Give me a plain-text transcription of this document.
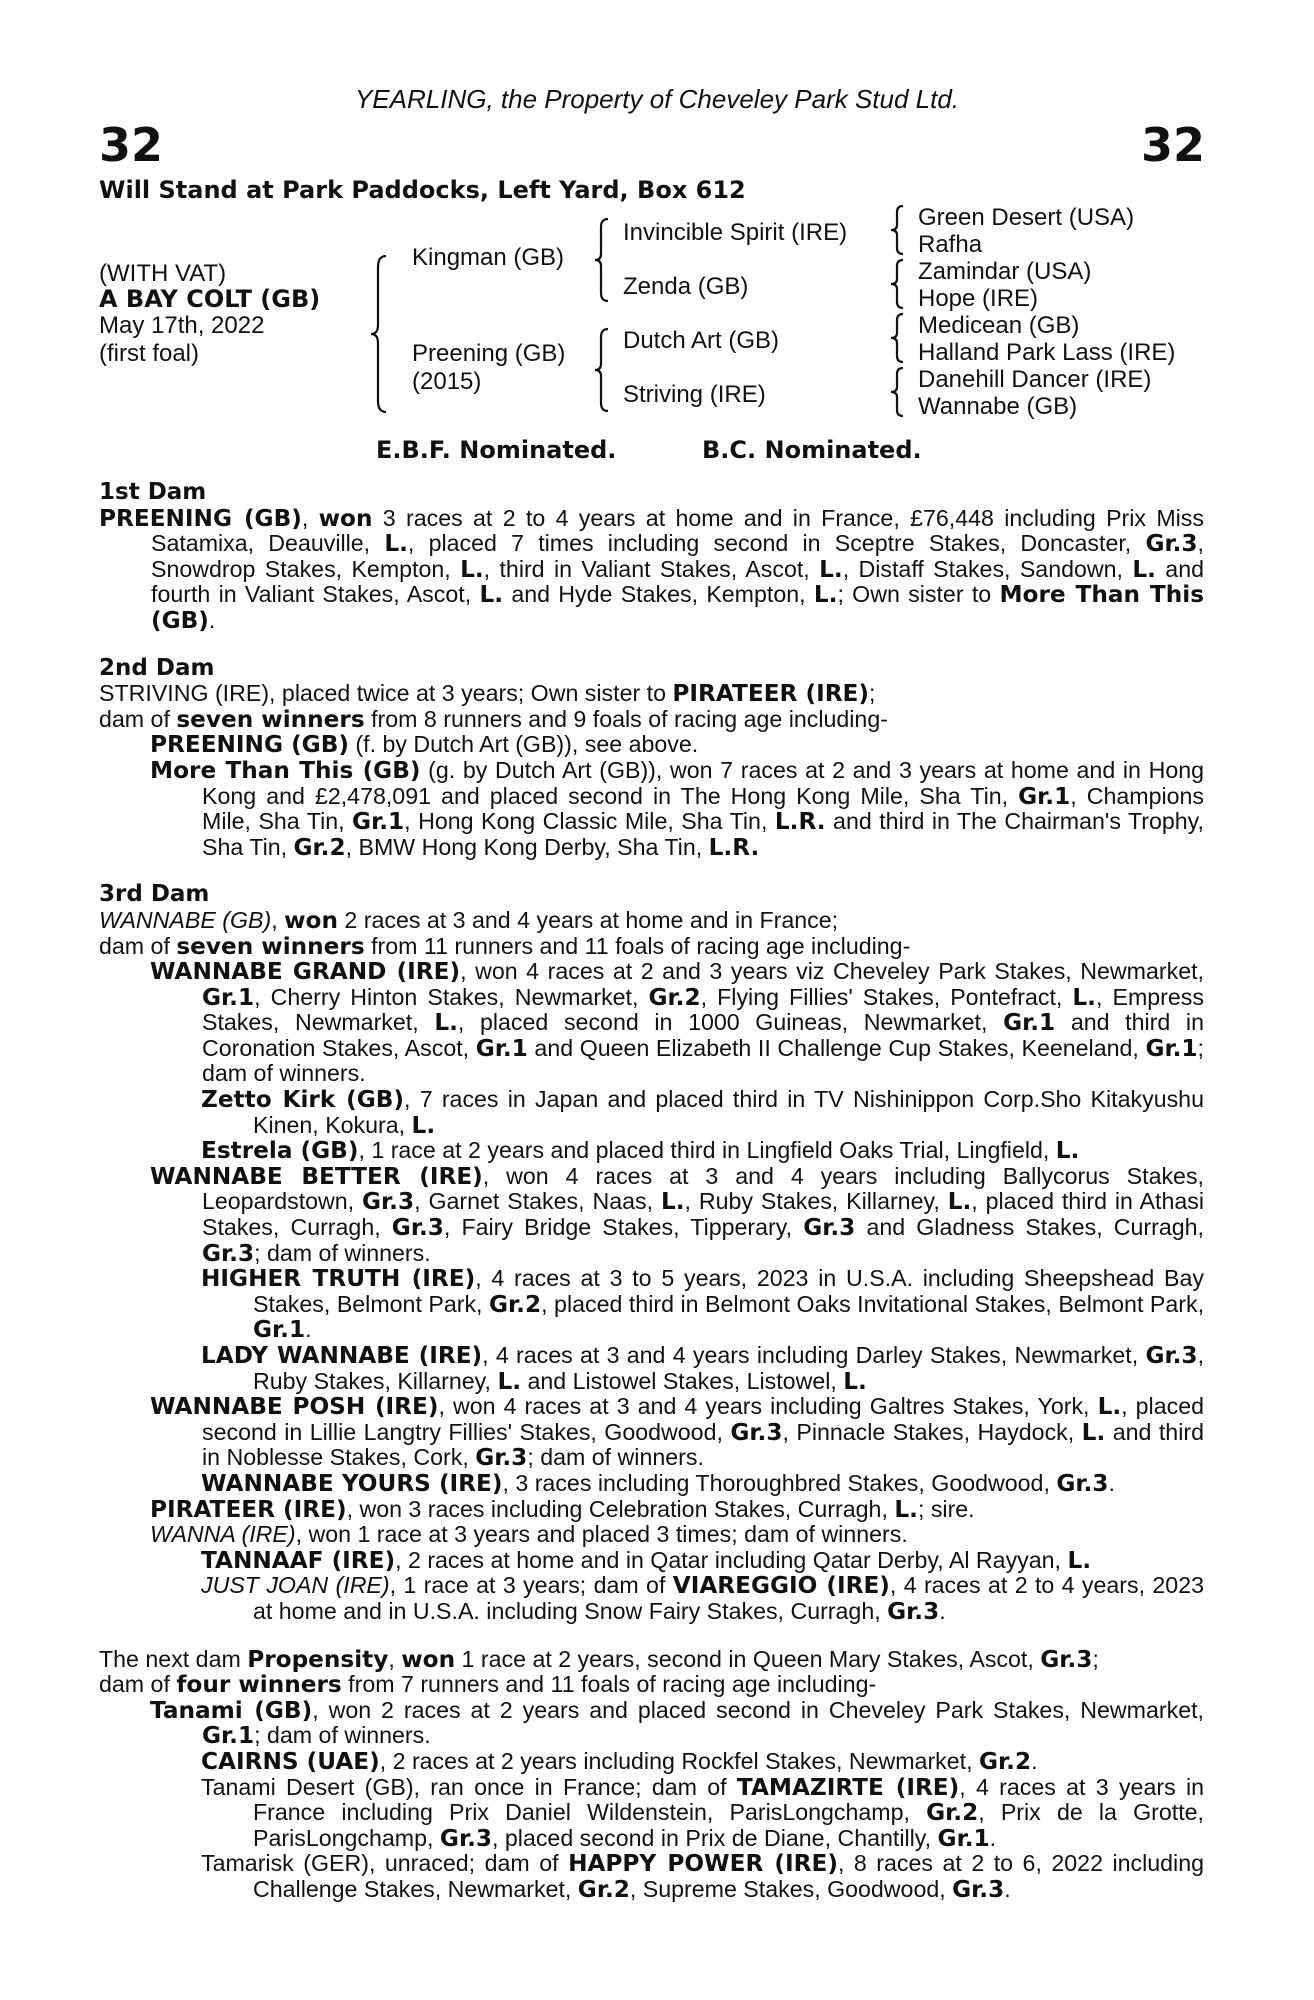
YEARLING, the Property of Cheveley Park Stud Ltd.
32	32
Will Stand at Park Paddocks, Left Yard, Box 612
(WITH VAT)
A BAY COLT (GB)
May 17th, 2022
(first foal)
Kingman (GB)
Preening (GB)
(2015)
Invincible Spirit (IRE)
Zenda (GB)
Dutch Art (GB)
Striving (IRE)
Green Desert (USA)
Rafha
Zamindar (USA)
Hope (IRE)
Medicean (GB)
Halland Park Lass (IRE)
Danehill Dancer (IRE)
Wannabe (GB)
E.B.F. Nominated.	B.C. Nominated.
1st Dam
PREENING (GB), won 3 races at 2 to 4 years at home and in France, £76,448 including Prix Miss Satamixa, Deauville, L., placed 7 times including second in Sceptre Stakes, Doncaster, Gr.3, Snowdrop Stakes, Kempton, L., third in Valiant Stakes, Ascot, L., Distaff Stakes, Sandown, L. and fourth in Valiant Stakes, Ascot, L. and Hyde Stakes, Kempton, L.; Own sister to More Than This (GB).
2nd Dam
STRIVING (IRE), placed twice at 3 years; Own sister to PIRATEER (IRE);
dam of seven winners from 8 runners and 9 foals of racing age including-
PREENING (GB) (f. by Dutch Art (GB)), see above.
More Than This (GB) (g. by Dutch Art (GB)), won 7 races at 2 and 3 years at home and in Hong Kong and £2,478,091 and placed second in The Hong Kong Mile, Sha Tin, Gr.1, Champions Mile, Sha Tin, Gr.1, Hong Kong Classic Mile, Sha Tin, L.R. and third in The Chairman's Trophy, Sha Tin, Gr.2, BMW Hong Kong Derby, Sha Tin, L.R.
3rd Dam
WANNABE (GB), won 2 races at 3 and 4 years at home and in France;
dam of seven winners from 11 runners and 11 foals of racing age including-
WANNABE GRAND (IRE), won 4 races at 2 and 3 years viz Cheveley Park Stakes, Newmarket, Gr.1, Cherry Hinton Stakes, Newmarket, Gr.2, Flying Fillies' Stakes, Pontefract, L., Empress Stakes, Newmarket, L., placed second in 1000 Guineas, Newmarket, Gr.1 and third in Coronation Stakes, Ascot, Gr.1 and Queen Elizabeth II Challenge Cup Stakes, Keeneland, Gr.1; dam of winners.
Zetto Kirk (GB), 7 races in Japan and placed third in TV Nishinippon Corp.Sho Kitakyushu Kinen, Kokura, L.
Estrela (GB), 1 race at 2 years and placed third in Lingfield Oaks Trial, Lingfield, L.
WANNABE BETTER (IRE), won 4 races at 3 and 4 years including Ballycorus Stakes, Leopardstown, Gr.3, Garnet Stakes, Naas, L., Ruby Stakes, Killarney, L., placed third in Athasi Stakes, Curragh, Gr.3, Fairy Bridge Stakes, Tipperary, Gr.3 and Gladness Stakes, Curragh, Gr.3; dam of winners.
HIGHER TRUTH (IRE), 4 races at 3 to 5 years, 2023 in U.S.A. including Sheepshead Bay Stakes, Belmont Park, Gr.2, placed third in Belmont Oaks Invitational Stakes, Belmont Park, Gr.1.
LADY WANNABE (IRE), 4 races at 3 and 4 years including Darley Stakes, Newmarket, Gr.3, Ruby Stakes, Killarney, L. and Listowel Stakes, Listowel, L.
WANNABE POSH (IRE), won 4 races at 3 and 4 years including Galtres Stakes, York, L., placed second in Lillie Langtry Fillies' Stakes, Goodwood, Gr.3, Pinnacle Stakes, Haydock, L. and third in Noblesse Stakes, Cork, Gr.3; dam of winners.
WANNABE YOURS (IRE), 3 races including Thoroughbred Stakes, Goodwood, Gr.3.
PIRATEER (IRE), won 3 races including Celebration Stakes, Curragh, L.; sire.
WANNA (IRE), won 1 race at 3 years and placed 3 times; dam of winners.
TANNAAF (IRE), 2 races at home and in Qatar including Qatar Derby, Al Rayyan, L.
JUST JOAN (IRE), 1 race at 3 years; dam of VIAREGGIO (IRE), 4 races at 2 to 4 years, 2023 at home and in U.S.A. including Snow Fairy Stakes, Curragh, Gr.3.
The next dam Propensity, won 1 race at 2 years, second in Queen Mary Stakes, Ascot, Gr.3;
dam of four winners from 7 runners and 11 foals of racing age including-
Tanami (GB), won 2 races at 2 years and placed second in Cheveley Park Stakes, Newmarket, Gr.1; dam of winners.
CAIRNS (UAE), 2 races at 2 years including Rockfel Stakes, Newmarket, Gr.2.
Tanami Desert (GB), ran once in France; dam of TAMAZIRTE (IRE), 4 races at 3 years in France including Prix Daniel Wildenstein, ParisLongchamp, Gr.2, Prix de la Grotte, ParisLongchamp, Gr.3, placed second in Prix de Diane, Chantilly, Gr.1.
Tamarisk (GER), unraced; dam of HAPPY POWER (IRE), 8 races at 2 to 6, 2022 including Challenge Stakes, Newmarket, Gr.2, Supreme Stakes, Goodwood, Gr.3.
